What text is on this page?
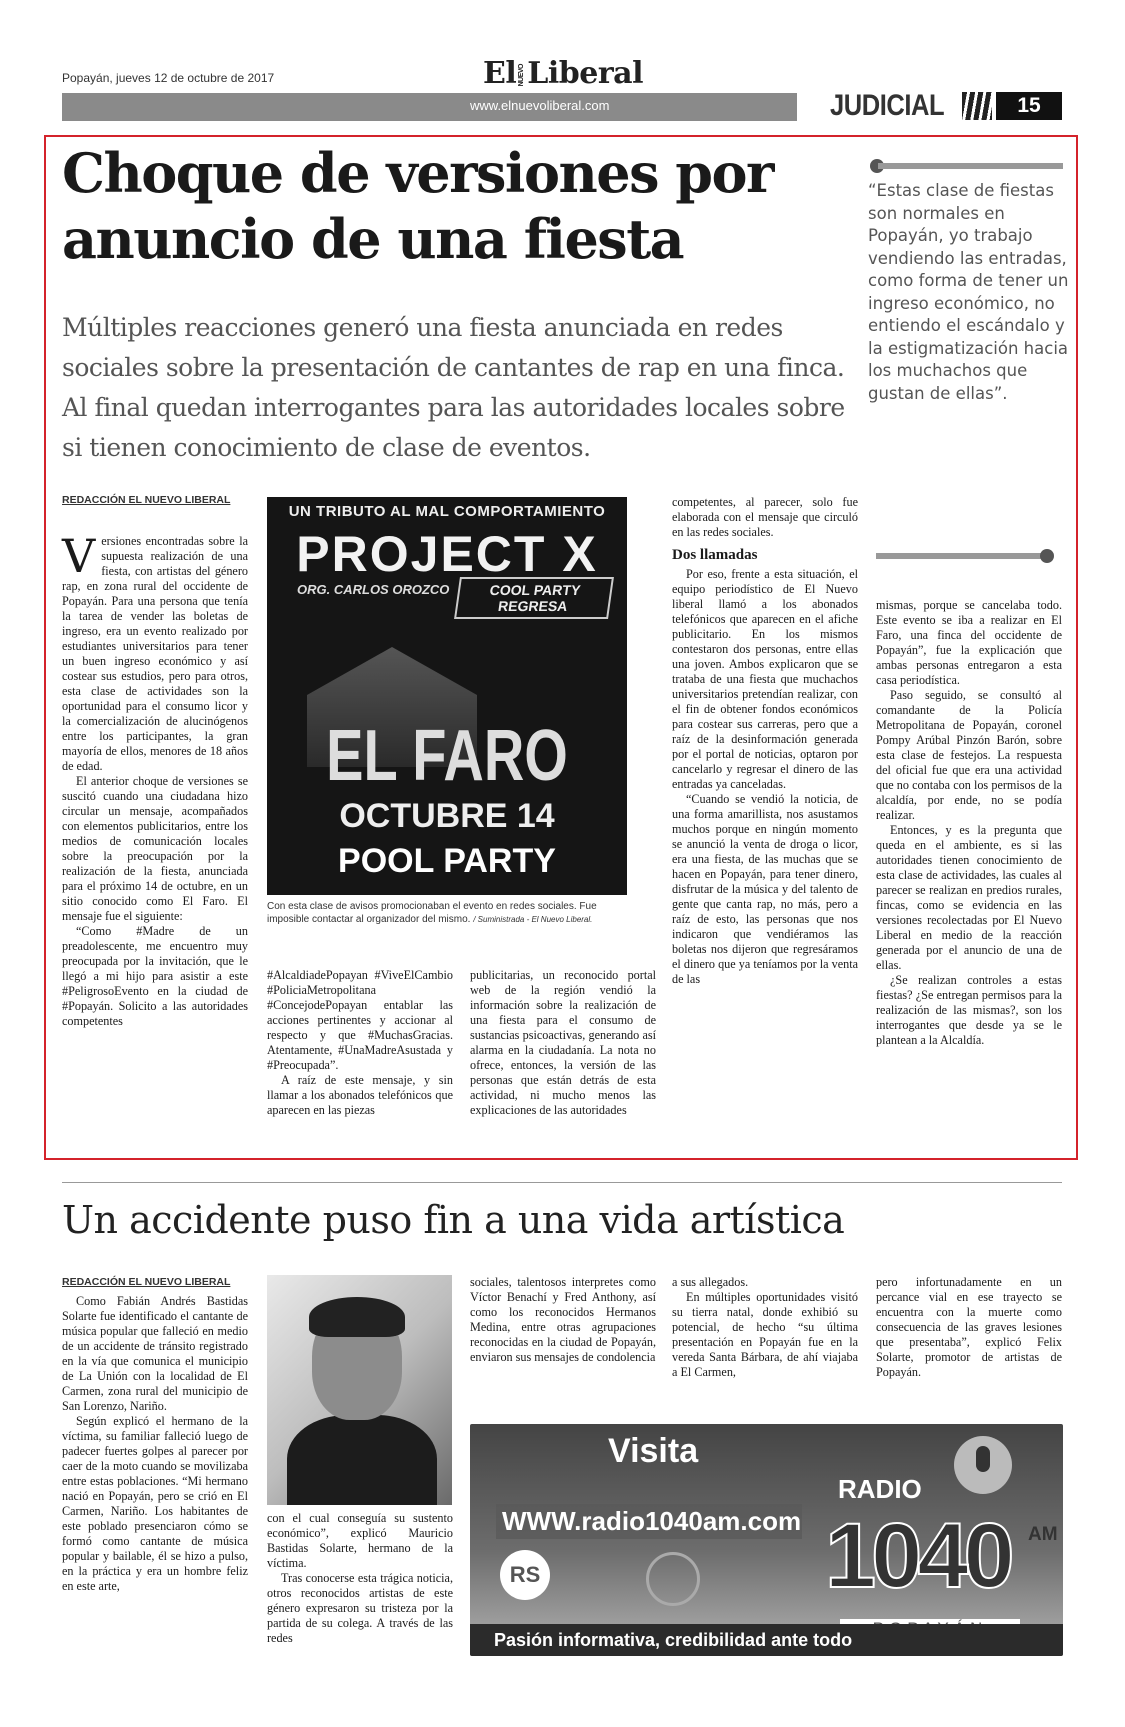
Popayán, jueves 12 de octubre de 2017	El NUEVOLiberal
www.elnuevoliberal.com	JUDICIAL	15
Choque de versiones por anuncio de una fiesta
Múltiples reacciones generó una fiesta anunciada en redes sociales sobre la presentación de cantantes de rap en una finca. Al final quedan interrogantes para las autoridades locales sobre si tienen conocimiento de clase de eventos.
“Estas clase de fiestas son normales en Popayán, yo trabajo vendiendo las entradas, como forma de tener un ingreso económico, no entiendo el escándalo y la estigmatización hacia los muchachos que gustan de ellas”.
REDACCIÓN EL NUEVO LIBERAL

Versiones encontradas sobre la supuesta realización de una fiesta, con artistas del género rap, en zona rural del occidente de Popayán. Para una persona que tenía la tarea de vender las boletas de ingreso, era un evento realizado por estudiantes universitarios para tener un buen ingreso económico y así costear sus estudios, pero para otros, esta clase de actividades son la oportunidad para el consumo licor y la comercialización de alucinógenos entre los participantes, la gran mayoría de ellos, menores de 18 años de edad.

El anterior choque de versiones se suscitó cuando una ciudadana hizo circular un mensaje, acompañados con elementos publicitarios, entre los medios de comunicación locales sobre la preocupación por la realización de la fiesta, anunciada para el próximo 14 de octubre, en un sitio conocido como El Faro. El mensaje fue el siguiente:

“Como #Madre de un preadolescente, me encuentro muy preocupada por la invitación, que le llegó a mi hijo para asistir a este #PeligrosoEvento en la ciudad de #Popayán. Solicito a las autoridades competentes

UN TRIBUTO AL MAL COMPORTAMIENTO
PROJECT X
ORG. CARLOS OROZCO	COOL PARTY REGRESA
EL FARO
OCTUBRE 14
POOL PARTY
Con esta clase de avisos promocionaban el evento en redes sociales. Fue imposible contactar al organizador del mismo. / Suministrada - El Nuevo Liberal.

#AlcaldiadePopayan #ViveElCambio #PoliciaMetropolitana #ConcejodePopayan entablar las acciones pertinentes y accionar al respecto y que #MuchasGracias. Atentamente, #UnaMadreAsustada y #Preocupada”.

A raíz de este mensaje, y sin llamar a los abonados telefónicos que aparecen en las piezas

publicitarias, un reconocido portal web de la región vendió la información sobre la realización de una fiesta para el consumo de sustancias psicoactivas, generando así alarma en la ciudadanía. La nota no ofrece, entonces, la versión de las personas que están detrás de esta actividad, ni mucho menos las explicaciones de las autoridades

competentes, al parecer, solo fue elaborada con el mensaje que circuló en las redes sociales.

Dos llamadas

Por eso, frente a esta situación, el equipo periodístico de El Nuevo liberal llamó a los abonados telefónicos que aparecen en el afiche publicitario. En los mismos contestaron dos personas, entre ellas una joven. Ambos explicaron que se trataba de una fiesta que muchachos universitarios pretendían realizar, con el fin de obtener fondos económicos para costear sus carreras, pero que a raíz de la desinformación generada por el portal de noticias, optaron por cancelarlo y regresar el dinero de las entradas ya canceladas.

“Cuando se vendió la noticia, de una forma amarillista, nos asustamos muchos porque en ningún momento se anunció la venta de droga o licor, era una fiesta, de las muchas que se hacen en Popayán, para tener dinero, disfrutar de la música y del talento de gente que canta rap, no más, pero a raíz de esto, las personas que nos indicaron que vendiéramos las boletas nos dijeron que regresáramos el dinero que ya teníamos por la venta de las

mismas, porque se cancelaba todo. Este evento se iba a realizar en El Faro, una finca del occidente de Popayán”, fue la explicación que ambas personas entregaron a esta casa periodística.

Paso seguido, se consultó al comandante de la Policía Metropolitana de Popayán, coronel Pompy Arúbal Pinzón Barón, sobre esta clase de festejos. La respuesta del oficial fue que era una actividad que no contaba con los permisos de la alcaldía, por ende, no se podía realizar.

Entonces, y es la pregunta que queda en el ambiente, es si las autoridades tienen conocimiento de esta clase de actividades, las cuales al parecer se realizan en predios rurales, fincas, como se evidencia en las versiones recolectadas por El Nuevo Liberal en medio de la reacción generada por el anuncio de una de ellas.

¿Se realizan controles a estas fiestas? ¿Se entregan permisos para la realización de las mismas?, son los interrogantes que desde ya se le plantean a la Alcaldía.

Un accidente puso fin a una vida artística
REDACCIÓN EL NUEVO LIBERAL

Como Fabián Andrés Bastidas Solarte fue identificado el cantante de música popular que falleció en medio de un accidente de tránsito registrado en la vía que comunica el municipio de La Unión con la localidad de El Carmen, zona rural del municipio de San Lorenzo, Nariño.

Según explicó el hermano de la víctima, su familiar falleció luego de padecer fuertes golpes al parecer por caer de la moto cuando se movilizaba entre estas poblaciones. “Mi hermano nació en Popayán, pero se crió en El Carmen, Nariño. Los habitantes de este poblado presenciaron cómo se formó como cantante de música popular y bailable, él se hizo a pulso, en la práctica y era un hombre feliz en este arte,

con el cual conseguía su sustento económico”, explicó Mauricio Bastidas Solarte, hermano de la víctima.

Tras conocerse esta trágica noticia, otros reconocidos artistas de este género expresaron su tristeza por la partida de su colega. A través de las redes

sociales, talentosos interpretes como Víctor Benachí y Fred Anthony, así como los reconocidos Hermanos Medina, entre otras agrupaciones reconocidas en la ciudad de Popayán, enviaron sus mensajes de condolencia

a sus allegados.

En múltiples oportunidades visitó su tierra natal, donde exhibió su potencial, de hecho “su última presentación en Popayán fue en la vereda Santa Bárbara, de ahí viajaba a El Carmen,

pero infortunadamente en un percance vial en ese trayecto se encuentra con la muerte como consecuencia de las graves lesiones que presentaba”, explicó Felix Solarte, promotor de artistas de Popayán.

Visita
WWW.radio1040am.com
RADIO
1040 AM
RS
Pasión informativa, credibilidad ante todo
